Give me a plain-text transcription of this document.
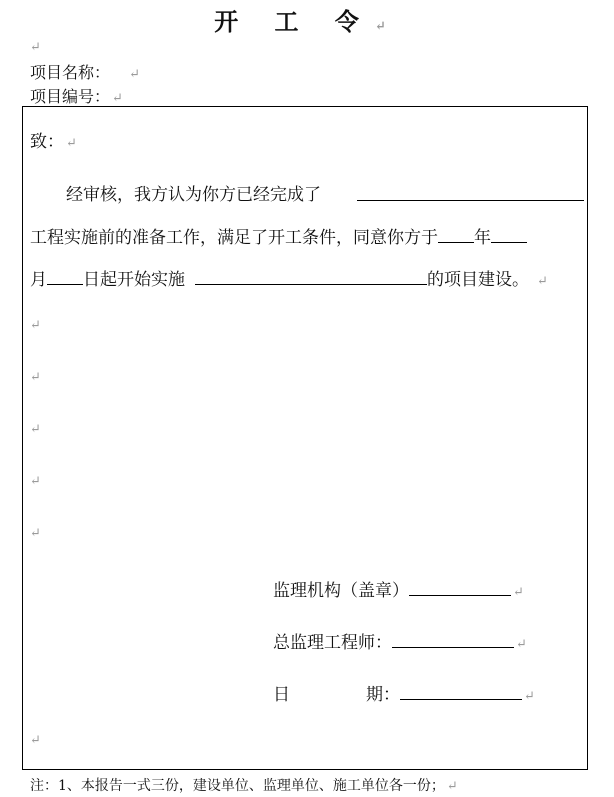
开 工 令 ↵
↵
项目名称： ↵
项目编号： ↵
致： ↵
经审核，我方认为你方已经完成了
工程实施前的准备工作，满足了开工条件，同意你方于 年
月 日起开始实施	的项目建设。 ↵
↵
↵
↵
↵
↵
监理机构（盖章）	↵
总监理工程师：	↵
日	期：	↵
↵
注：1、本报告一式三份，建设单位、监理单位、施工单位各一份； ↵
